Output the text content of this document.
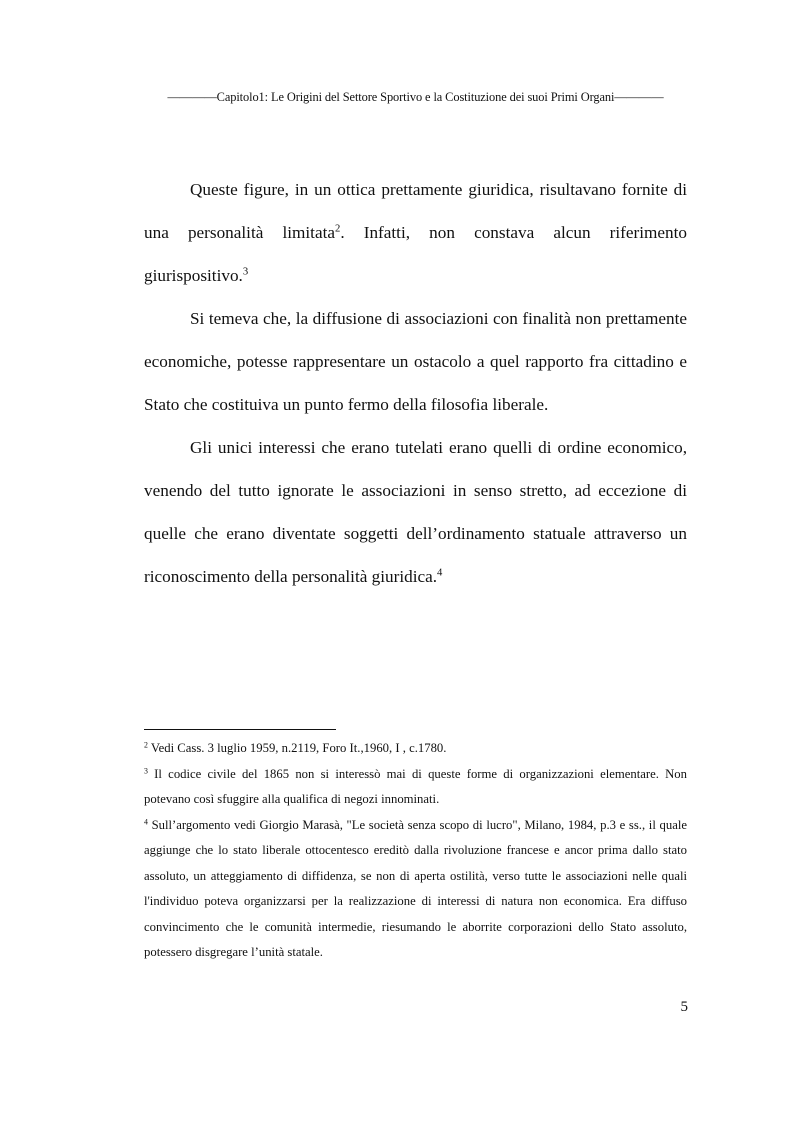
————Capitolo1: Le Origini del Settore Sportivo e la Costituzione dei suoi Primi Organi————

Queste figure, in un ottica prettamente giuridica, risultavano fornite di una personalità limitata$^2$. Infatti, non constava alcun riferimento giurispositivo.$^3$

Si temeva che, la diffusione di associazioni con finalità non prettamente economiche, potesse rappresentare un ostacolo a quel rapporto fra cittadino e Stato che costituiva un punto fermo della filosofia liberale.

Gli unici interessi che erano tutelati erano quelli di ordine economico, venendo del tutto ignorate le associazioni in senso stretto, ad eccezione di quelle che erano diventate soggetti dell’ordinamento statuale attraverso un riconoscimento della personalità giuridica.$^4$

$^2$ Vedi Cass. 3 luglio 1959, n.2119, Foro It.,1960, I , c.1780.

$^3$ Il codice civile del 1865 non si interessò mai di queste forme di organizzazioni elementare. Non potevano così sfuggire alla qualifica di negozi innominati.

$^4$ Sull’argomento vedi Giorgio Marasà, "Le società senza scopo di lucro", Milano, 1984, p.3 e ss., il quale aggiunge che lo stato liberale ottocentesco ereditò dalla rivoluzione francese e ancor prima dallo stato assoluto, un atteggiamento di diffidenza, se non di aperta ostilità, verso tutte le associazioni nelle quali l'individuo poteva organizzarsi per la realizzazione di interessi di natura non economica. Era diffuso convincimento che le comunità intermedie, riesumando le aborrite corporazioni dello Stato assoluto, potessero disgregare l’unità statale.

5
